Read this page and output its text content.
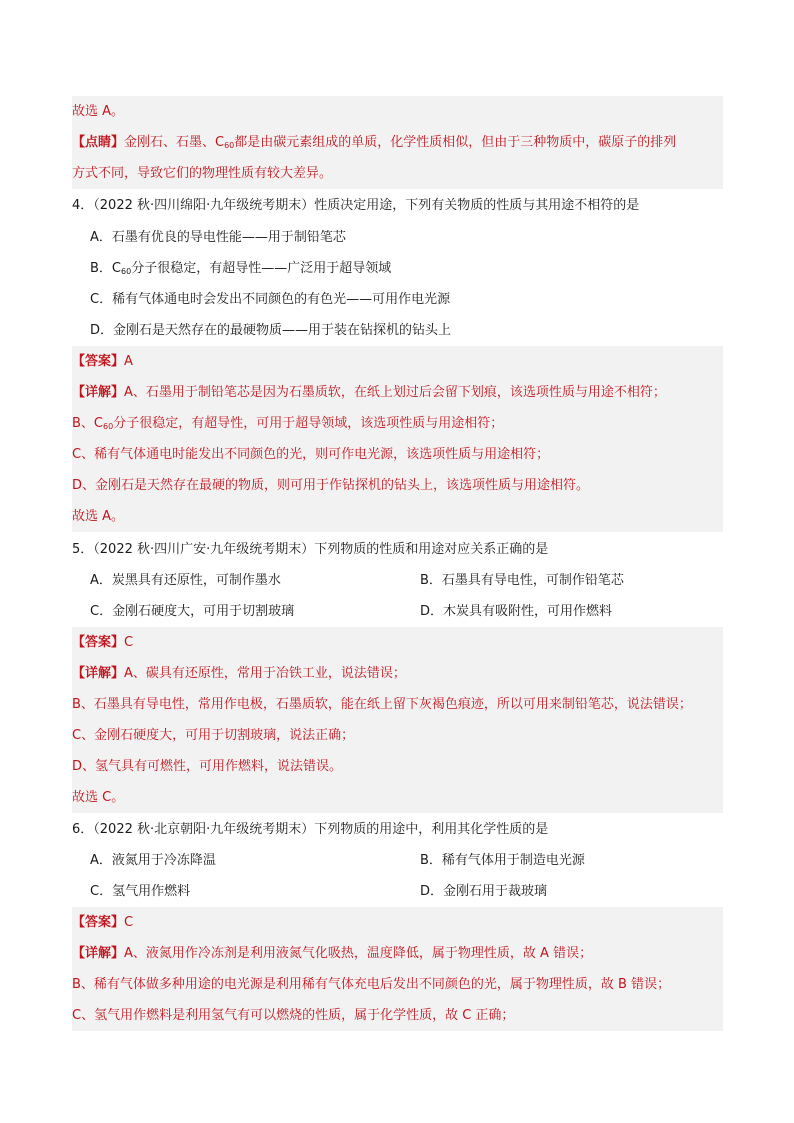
故选 A。
【点睛】金刚石、石墨、$C_{60}$都是由碳元素组成的单质，化学性质相似，但由于三种物质中，碳原子的排列
方式不同，导致它们的物理性质有较大差异。
4．（2022 秋·四川绵阳·九年级统考期末）性质决定用途，下列有关物质的性质与其用途不相符的是
A．石墨有优良的导电性能——用于制铅笔芯
B．$C_{60}$分子很稳定，有超导性——广泛用于超导领域
C．稀有气体通电时会发出不同颜色的有色光——可用作电光源
D．金刚石是天然存在的最硬物质——用于装在钻探机的钻头上
【答案】A
【详解】A、石墨用于制铅笔芯是因为石墨质软，在纸上划过后会留下划痕，该选项性质与用途不相符；
B、$C_{60}$分子很稳定，有超导性，可用于超导领域，该选项性质与用途相符；
C、稀有气体通电时能发出不同颜色的光，则可作电光源，该选项性质与用途相符；
D、金刚石是天然存在最硬的物质，则可用于作钻探机的钻头上，该选项性质与用途相符。
故选 A。
5．（2022 秋·四川广安·九年级统考期末）下列物质的性质和用途对应关系正确的是
A．炭黑具有还原性，可制作墨水	B．石墨具有导电性，可制作铅笔芯
C．金刚石硬度大，可用于切割玻璃	D．木炭具有吸附性，可用作燃料
【答案】C
【详解】A、碳具有还原性，常用于冶铁工业，说法错误；
B、石墨具有导电性，常用作电极，石墨质软，能在纸上留下灰褐色痕迹，所以可用来制铅笔芯，说法错误；
C、金刚石硬度大，可用于切割玻璃，说法正确；
D、氢气具有可燃性，可用作燃料，说法错误。
故选 C。
6．（2022 秋·北京朝阳·九年级统考期末）下列物质的用途中，利用其化学性质的是
A．液氮用于冷冻降温	B．稀有气体用于制造电光源
C．氢气用作燃料	D．金刚石用于裁玻璃
【答案】C
【详解】A、液氮用作冷冻剂是利用液氮气化吸热，温度降低，属于物理性质，故 A 错误；
B、稀有气体做多种用途的电光源是利用稀有气体充电后发出不同颜色的光，属于物理性质，故 B 错误；
C、氢气用作燃料是利用氢气有可以燃烧的性质，属于化学性质，故 C 正确；
